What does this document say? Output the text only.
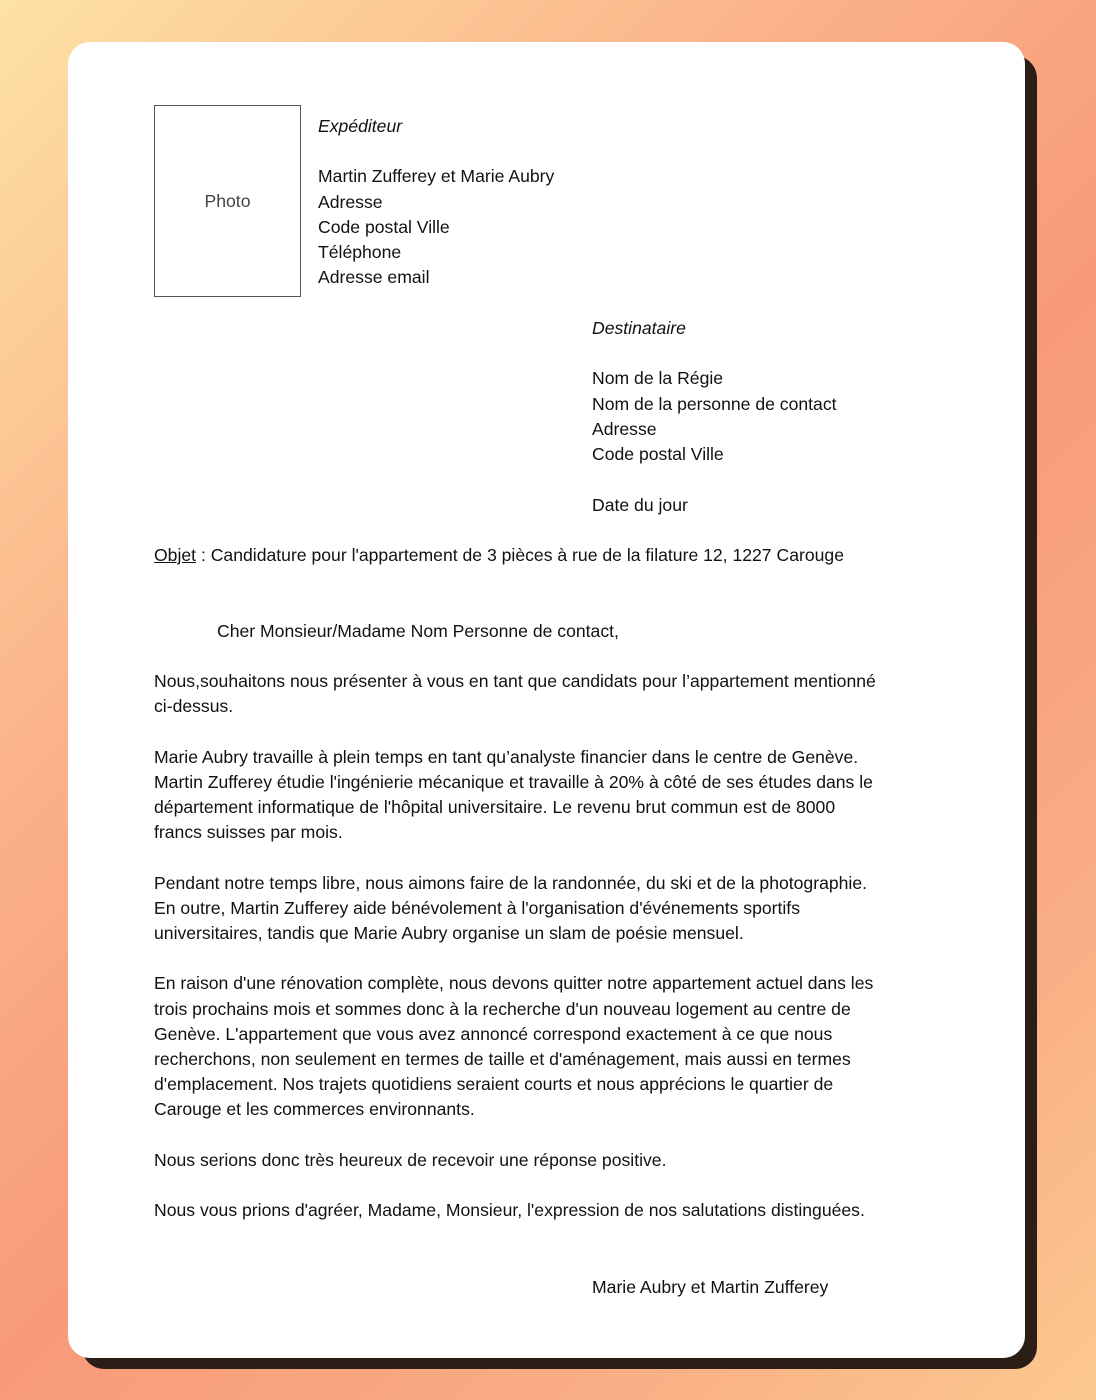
Photo
Expéditeur

Martin Zufferey et Marie Aubry
Adresse
Code postal Ville
Téléphone
Adresse email
Destinataire

Nom de la Régie
Nom de la personne de contact
Adresse
Code postal Ville
Date du jour
Objet : Candidature pour l'appartement de 3 pièces à rue de la filature 12, 1227 Carouge
Cher Monsieur/Madame Nom Personne de contact,

Nous,souhaitons nous présenter à vous en tant que candidats pour l’appartement mentionné
ci-dessus.

Marie Aubry travaille à plein temps en tant qu’analyste financier dans le centre de Genève.
Martin Zufferey étudie l'ingénierie mécanique et travaille à 20% à côté de ses études dans le
département informatique de l'hôpital universitaire. Le revenu brut commun est de 8000
francs suisses par mois.

Pendant notre temps libre, nous aimons faire de la randonnée, du ski et de la photographie.
En outre, Martin Zufferey aide bénévolement à l'organisation d'événements sportifs
universitaires, tandis que Marie Aubry organise un slam de poésie mensuel.

En raison d'une rénovation complète, nous devons quitter notre appartement actuel dans les
trois prochains mois et sommes donc à la recherche d'un nouveau logement au centre de
Genève. L'appartement que vous avez annoncé correspond exactement à ce que nous
recherchons, non seulement en termes de taille et d'aménagement, mais aussi en termes
d'emplacement. Nos trajets quotidiens seraient courts et nous apprécions le quartier de
Carouge et les commerces environnants.

Nous serions donc très heureux de recevoir une réponse positive.

Nous vous prions d'agréer, Madame, Monsieur, l'expression de nos salutations distinguées.

Marie Aubry et Martin Zufferey
